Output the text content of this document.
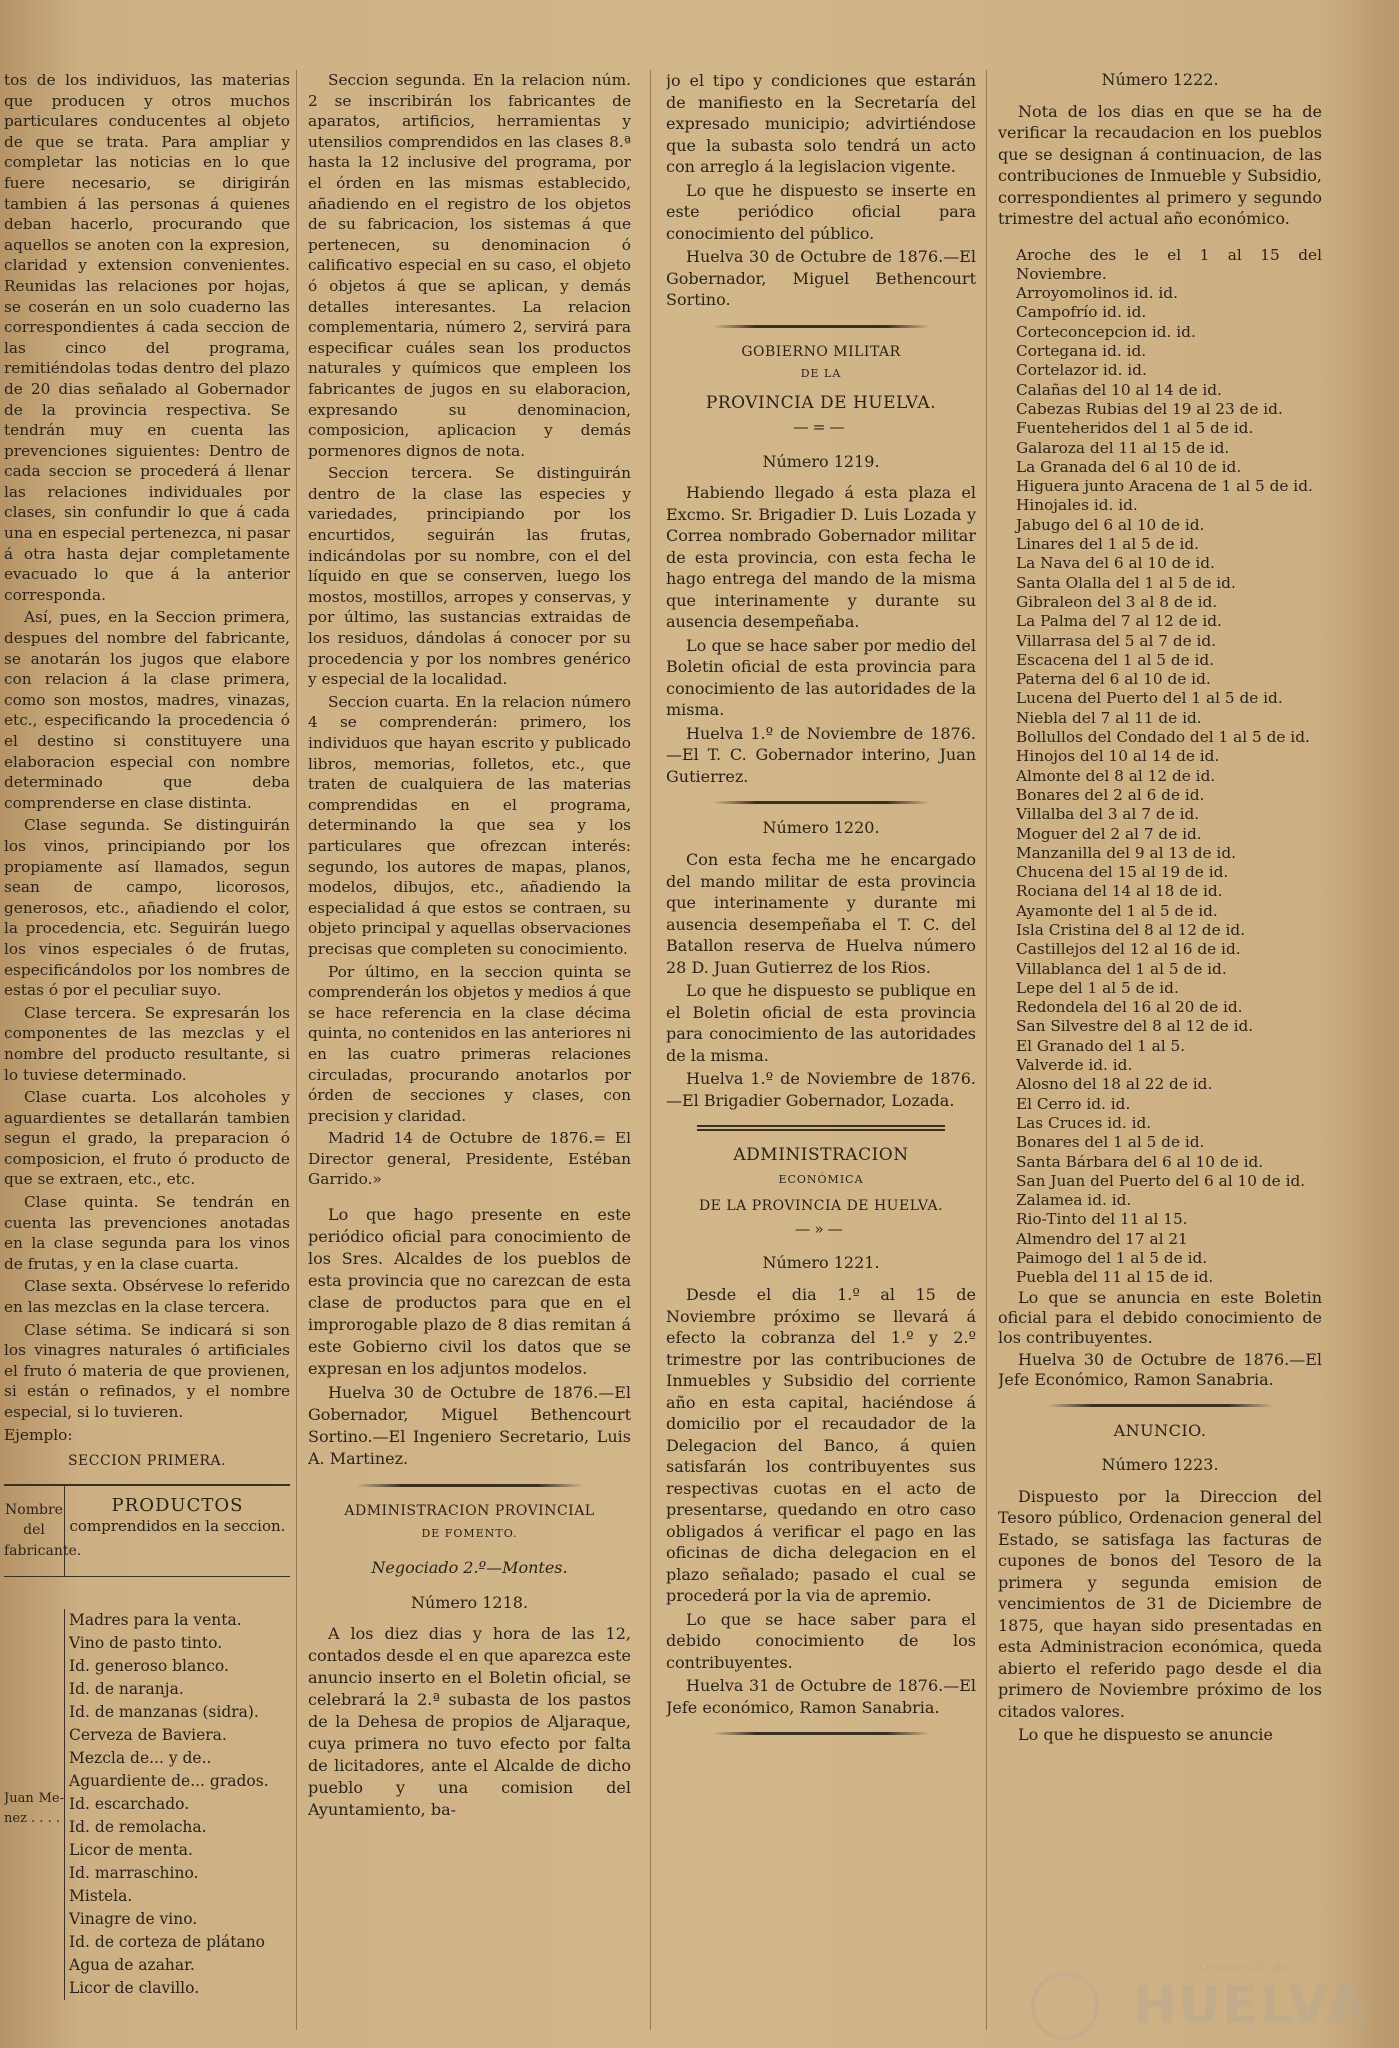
tos de los individuos, las materias que producen y otros muchos particulares conducentes al objeto de que se trata. Para ampliar y completar las noticias en lo que fuere necesario, se dirigirán tambien á las personas á quienes deban hacerlo, procurando que aquellos se anoten con la expresion, claridad y extension convenientes. Reunidas las relaciones por hojas, se coserán en un solo cuaderno las correspondientes á cada seccion de las cinco del programa, remitiéndolas todas dentro del plazo de 20 dias señalado al Gobernador de la provincia respectiva. Se tendrán muy en cuenta las prevenciones siguientes: Dentro de cada seccion se procederá á llenar las relaciones individuales por clases, sin confundir lo que á cada una en especial pertenezca, ni pasar á otra hasta dejar completamente evacuado lo que á la anterior corresponda.

Así, pues, en la Seccion primera, despues del nombre del fabricante, se anotarán los jugos que elabore con relacion á la clase primera, como son mostos, madres, vinazas, etc., especificando la procedencia ó el destino si constituyere una elaboracion especial con nombre determinado que deba comprenderse en clase distinta.

Clase segunda. Se distinguirán los vinos, principiando por los propiamente así llamados, segun sean de campo, licorosos, generosos, etc., añadiendo el color, la procedencia, etc. Seguirán luego los vinos especiales ó de frutas, especificándolos por los nombres de estas ó por el peculiar suyo.

Clase tercera. Se expresarán los componentes de las mezclas y el nombre del producto resultante, si lo tuviese determinado.

Clase cuarta. Los alcoholes y aguardientes se detallarán tambien segun el grado, la preparacion ó composicion, el fruto ó producto de que se extraen, etc., etc.

Clase quinta. Se tendrán en cuenta las prevenciones anotadas en la clase segunda para los vinos de frutas, y en la clase cuarta.

Clase sexta. Obsérvese lo referido en las mezclas en la clase tercera.

Clase sétima. Se indicará si son los vinagres naturales ó artificiales el fruto ó materia de que provienen, si están o refinados, y el nombre especial, si lo tuvieren.

Ejemplo:

SECCION PRIMERA.
Nombre del fabricante.
PRODUCTOS
comprendidos en la seccion.
Juan Me- nez . . . .
Madres para la venta.
Vino de pasto tinto.
Id. generoso blanco.
Id. de naranja.
Id. de manzanas (sidra).
Cerveza de Baviera.
Mezcla de... y de..
Aguardiente de... grados.
Id. escarchado.
Id. de remolacha.
Licor de menta.
Id. marraschino.
Mistela.
Vinagre de vino.
Id. de corteza de plátano
Agua de azahar.
Licor de clavillo.

Seccion segunda. En la relacion núm. 2 se inscribirán los fabricantes de aparatos, artificios, herramientas y utensilios comprendidos en las clases 8.ª hasta la 12 inclusive del programa, por el órden en las mismas establecido, añadiendo en el registro de los objetos de su fabricacion, los sistemas á que pertenecen, su denominacion ó calificativo especial en su caso, el objeto ó objetos á que se aplican, y demás detalles interesantes. La relacion complementaria, número 2, servirá para especificar cuáles sean los productos naturales y químicos que empleen los fabricantes de jugos en su elaboracion, expresando su denominacion, composicion, aplicacion y demás pormenores dignos de nota.

Seccion tercera. Se distinguirán dentro de la clase las especies y variedades, principiando por los encurtidos, seguirán las frutas, indicándolas por su nombre, con el del líquido en que se conserven, luego los mostos, mostillos, arropes y conservas, y por último, las sustancias extraidas de los residuos, dándolas á conocer por su procedencia y por los nombres genérico y especial de la localidad.

Seccion cuarta. En la relacion número 4 se comprenderán: primero, los individuos que hayan escrito y publicado libros, memorias, folletos, etc., que traten de cualquiera de las materias comprendidas en el programa, determinando la que sea y los particulares que ofrezcan interés: segundo, los autores de mapas, planos, modelos, dibujos, etc., añadiendo la especialidad á que estos se contraen, su objeto principal y aquellas observaciones precisas que completen su conocimiento.

Por último, en la seccion quinta se comprenderán los objetos y medios á que se hace referencia en la clase décima quinta, no contenidos en las anteriores ni en las cuatro primeras relaciones circuladas, procurando anotarlos por órden de secciones y clases, con precision y claridad.

Madrid 14 de Octubre de 1876.= El Director general, Presidente, Estéban Garrido.»

Lo que hago presente en este periódico oficial para conocimiento de los Sres. Alcaldes de los pueblos de esta provincia que no carezcan de esta clase de productos para que en el improrogable plazo de 8 dias remitan á este Gobierno civil los datos que se expresan en los adjuntos modelos.

Huelva 30 de Octubre de 1876.—El Gobernador, Miguel Bethencourt Sortino.—El Ingeniero Secretario, Luis A. Martinez.

ADMINISTRACION PROVINCIAL
DE FOMENTO.
Negociado 2.º—Montes.
Número 1218.

A los diez dias y hora de las 12, contados desde el en que aparezca este anuncio inserto en el Boletin oficial, se celebrará la 2.ª subasta de los pastos de la Dehesa de propios de Aljaraque, cuya primera no tuvo efecto por falta de licitadores, ante el Alcalde de dicho pueblo y una comision del Ayuntamiento, ba-

jo el tipo y condiciones que estarán de manifiesto en la Secretaría del expresado municipio; advirtiéndose que la subasta solo tendrá un acto con arreglo á la legislacion vigente.

Lo que he dispuesto se inserte en este periódico oficial para conocimiento del público.

Huelva 30 de Octubre de 1876.—El Gobernador, Miguel Bethencourt Sortino.

GOBIERNO MILITAR
DE LA
PROVINCIA DE HUELVA.
—=—
Número 1219.

Habiendo llegado á esta plaza el Excmo. Sr. Brigadier D. Luis Lozada y Correa nombrado Gobernador militar de esta provincia, con esta fecha le hago entrega del mando de la misma que interinamente y durante su ausencia desempeñaba.

Lo que se hace saber por medio del Boletin oficial de esta provincia para conocimiento de las autoridades de la misma.

Huelva 1.º de Noviembre de 1876.—El T. C. Gobernador interino, Juan Gutierrez.

Número 1220.

Con esta fecha me he encargado del mando militar de esta provincia que interinamente y durante mi ausencia desempeñaba el T. C. del Batallon reserva de Huelva número 28 D. Juan Gutierrez de los Rios.

Lo que he dispuesto se publique en el Boletin oficial de esta provincia para conocimiento de las autoridades de la misma.

Huelva 1.º de Noviembre de 1876.—El Brigadier Gobernador, Lozada.

ADMINISTRACION
ECONÓMICA
DE LA PROVINCIA DE HUELVA.
—»—
Número 1221.

Desde el dia 1.º al 15 de Noviembre próximo se llevará á efecto la cobranza del 1.º y 2.º trimestre por las contribuciones de Inmuebles y Subsidio del corriente año en esta capital, haciéndose á domicilio por el recaudador de la Delegacion del Banco, á quien satisfarán los contribuyentes sus respectivas cuotas en el acto de presentarse, quedando en otro caso obligados á verificar el pago en las oficinas de dicha delegacion en el plazo señalado; pasado el cual se procederá por la via de apremio.

Lo que se hace saber para el debido conocimiento de los contribuyentes.

Huelva 31 de Octubre de 1876.—El Jefe económico, Ramon Sanabria.

Número 1222.

Nota de los dias en que se ha de verificar la recaudacion en los pueblos que se designan á continuacion, de las contribuciones de Inmueble y Subsidio, correspondientes al primero y segundo trimestre del actual año económico.

Aroche des le el 1 al 15 del Noviembre.

Arroyomolinos id. id.

Campofrío id. id.

Corteconcepcion id. id.

Cortegana id. id.

Cortelazor id. id.

Calañas del 10 al 14 de id.

Cabezas Rubias del 19 al 23 de id.

Fuenteheridos del 1 al 5 de id.

Galaroza del 11 al 15 de id.

La Granada del 6 al 10 de id.

Higuera junto Aracena de 1 al 5 de id.

Hinojales id. id.

Jabugo del 6 al 10 de id.

Linares del 1 al 5 de id.

La Nava del 6 al 10 de id.

Santa Olalla del 1 al 5 de id.

Gibraleon del 3 al 8 de id.

La Palma del 7 al 12 de id.

Villarrasa del 5 al 7 de id.

Escacena del 1 al 5 de id.

Paterna del 6 al 10 de id.

Lucena del Puerto del 1 al 5 de id.

Niebla del 7 al 11 de id.

Bollullos del Condado del 1 al 5 de id.

Hinojos del 10 al 14 de id.

Almonte del 8 al 12 de id.

Bonares del 2 al 6 de id.

Villalba del 3 al 7 de id.

Moguer del 2 al 7 de id.

Manzanilla del 9 al 13 de id.

Chucena del 15 al 19 de id.

Rociana del 14 al 18 de id.

Ayamonte del 1 al 5 de id.

Isla Cristina del 8 al 12 de id.

Castillejos del 12 al 16 de id.

Villablanca del 1 al 5 de id.

Lepe del 1 al 5 de id.

Redondela del 16 al 20 de id.

San Silvestre del 8 al 12 de id.

El Granado del 1 al 5.

Valverde id. id.

Alosno del 18 al 22 de id.

El Cerro id. id.

Las Cruces id. id.

Bonares del 1 al 5 de id.

Santa Bárbara del 6 al 10 de id.

San Juan del Puerto del 6 al 10 de id.

Zalamea id. id.

Rio-Tinto del 11 al 15.

Almendro del 17 al 21

Paimogo del 1 al 5 de id.

Puebla del 11 al 15 de id.

Lo que se anuncia en este Boletin oficial para el debido conocimiento de los contribuyentes.

Huelva 30 de Octubre de 1876.—El Jefe Económico, Ramon Sanabria.

ANUNCIO.
Número 1223.

Dispuesto por la Direccion del Tesoro público, Ordenacion general del Estado, se satisfaga las facturas de cupones de bonos del Tesoro de la primera y segunda emision de vencimientos de 31 de Diciembre de 1875, que hayan sido presentadas en esta Administracion económica, queda abierto el referido pago desde el dia primero de Noviembre próximo de los citados valores.

Lo que he dispuesto se anuncie

Diputación de
HUELVA
